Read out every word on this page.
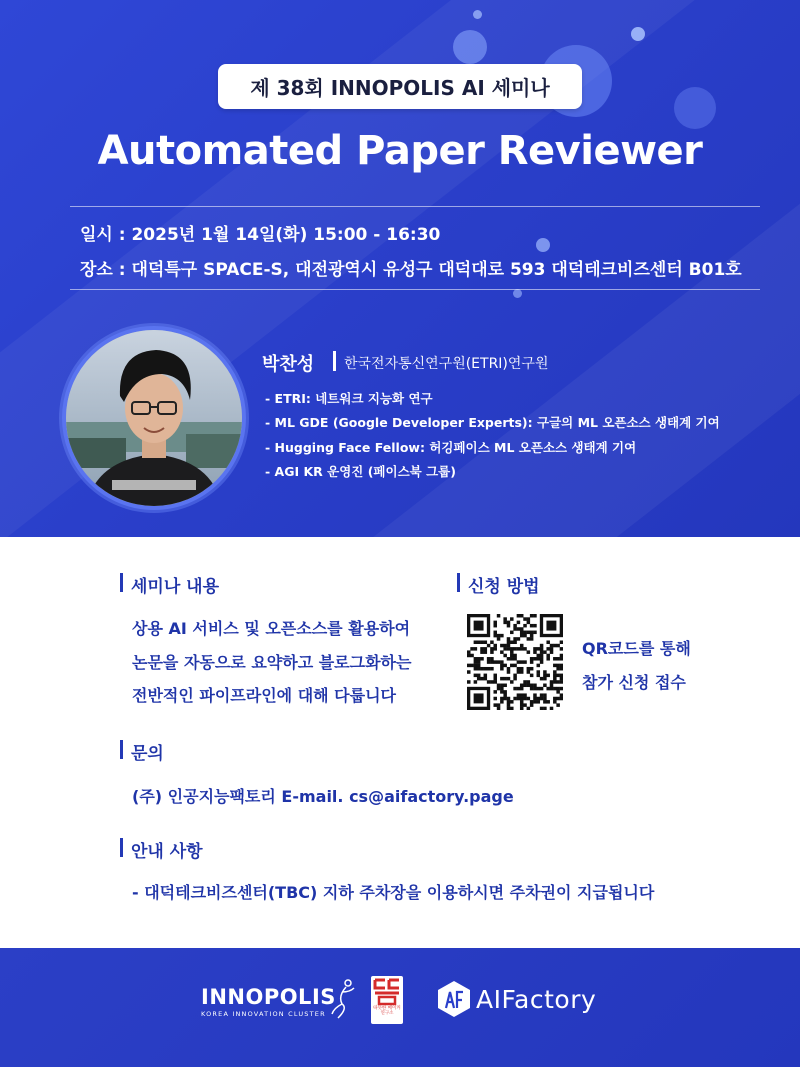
제 38회 INNOPOLIS AI 세미나
Automated Paper Reviewer
일시 : 2025년 1월 14일(화) 15:00 - 16:30
장소 : 대덕특구 SPACE-S, 대전광역시 유성구 대덕대로 593 대덕테크비즈센터 B01호
박찬성 한국전자통신연구원(ETRI)연구원
- ETRI: 네트워크 지능화 연구
- ML GDE (Google Developer Experts): 구글의 ML 오픈소스 생태계 기여
- Hugging Face Fellow: 허깅페이스 ML 오픈소스 생태계 기여
- AGI KR 운영진 (페이스북 그룹)
세미나 내용
상용 AI 서비스 및 오픈소스를 활용하여
논문을 자동으로 요약하고 블로그화하는
전반적인 파이프라인에 대해 다룹니다
신청 방법
QR코드를 통해
참가 신청 접수
문의
(주) 인공지능팩토리 E-mail. cs@aifactory.page
안내 사항
- 대덕테크비즈센터(TBC) 지하 주차장을 이용하시면 주차권이 지급됩니다
INNOPOLIS
KOREA INNOVATION CLUSTER
따뜻한 메이커 연구소	AIFactory
